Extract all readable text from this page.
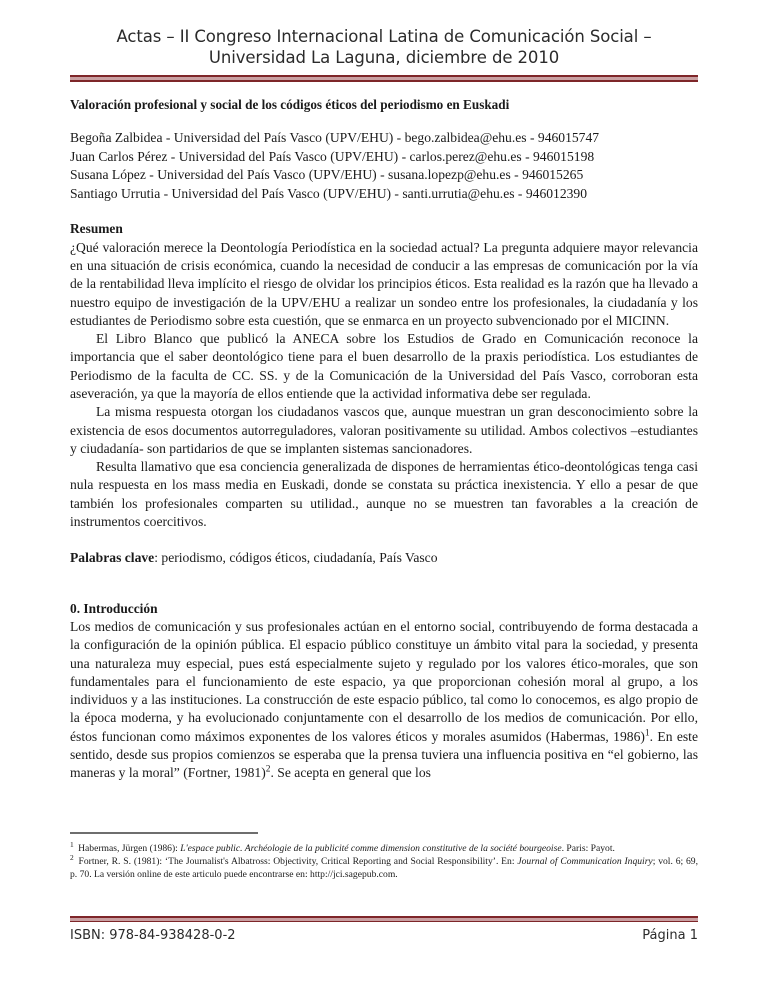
Actas – II Congreso Internacional Latina de Comunicación Social –
Universidad La Laguna, diciembre de 2010
Valoración profesional y social de los códigos éticos del periodismo en Euskadi
Begoña Zalbidea - Universidad del País Vasco (UPV/EHU) - bego.zalbidea@ehu.es - 946015747
Juan Carlos Pérez - Universidad del País Vasco (UPV/EHU) - carlos.perez@ehu.es - 946015198
Susana López - Universidad del País Vasco (UPV/EHU) - susana.lopezp@ehu.es - 946015265
Santiago Urrutia - Universidad del País Vasco (UPV/EHU) - santi.urrutia@ehu.es - 946012390
Resumen

¿Qué valoración merece la Deontología Periodística en la sociedad actual? La pregunta adquiere mayor relevancia en una situación de crisis económica, cuando la necesidad de conducir a las empresas de comunicación por la vía de la rentabilidad lleva implícito el riesgo de olvidar los principios éticos. Esta realidad es la razón que ha llevado a nuestro equipo de investigación de la UPV/EHU a realizar un sondeo entre los profesionales, la ciudadanía y los estudiantes de Periodismo sobre esta cuestión, que se enmarca en un proyecto subvencionado por el MICINN.

El Libro Blanco que publicó la ANECA sobre los Estudios de Grado en Comunicación reconoce la importancia que el saber deontológico tiene para el buen desarrollo de la praxis periodística. Los estudiantes de Periodismo de la faculta de CC. SS. y de la Comunicación de la Universidad del País Vasco, corroboran esta aseveración, ya que la mayoría de ellos entiende que la actividad informativa debe ser regulada.

La misma respuesta otorgan los ciudadanos vascos que, aunque muestran un gran desconocimiento sobre la existencia de esos documentos autorreguladores, valoran positivamente su utilidad. Ambos colectivos –estudiantes y ciudadanía- son partidarios de que se implanten sistemas sancionadores.

Resulta llamativo que esa conciencia generalizada de dispones de herramientas ético-deontológicas tenga casi nula respuesta en los mass media en Euskadi, donde se constata su práctica inexistencia. Y ello a pesar de que también los profesionales comparten su utilidad., aunque no se muestren tan favorables a la creación de instrumentos coercitivos.

Palabras clave: periodismo, códigos éticos, ciudadanía, País Vasco

0. Introducción

Los medios de comunicación y sus profesionales actúan en el entorno social, contribuyendo de forma destacada a la configuración de la opinión pública. El espacio público constituye un ámbito vital para la sociedad, y presenta una naturaleza muy especial, pues está especialmente sujeto y regulado por los valores ético-morales, que son fundamentales para el funcionamiento de este espacio, ya que proporcionan cohesión moral al grupo, a los individuos y a las instituciones. La construcción de este espacio público, tal como lo conocemos, es algo propio de la época moderna, y ha evolucionado conjuntamente con el desarrollo de los medios de comunicación. Por ello, éstos funcionan como máximos exponentes de los valores éticos y morales asumidos (Habermas, 1986)$^1$. En este sentido, desde sus propios comienzos se esperaba que la prensa tuviera una influencia positiva en “el gobierno, las maneras y la moral” (Fortner, 1981)$^2$. Se acepta en general que los

$^1$ Habermas, Jürgen (1986): L'espace public. Archéologie de la publicité comme dimension constitutive de la société bourgeoise. Paris: Payot.

$^2$ Fortner, R. S. (1981): ‘The Journalist's Albatross: Objectivity, Critical Reporting and Social Responsibility’. En: Journal of Communication Inquiry; vol. 6; 69, p. 70. La versión online de este articulo puede encontrarse en: http://jci.sagepub.com.

ISBN: 978-84-938428-0-2	Página 1
